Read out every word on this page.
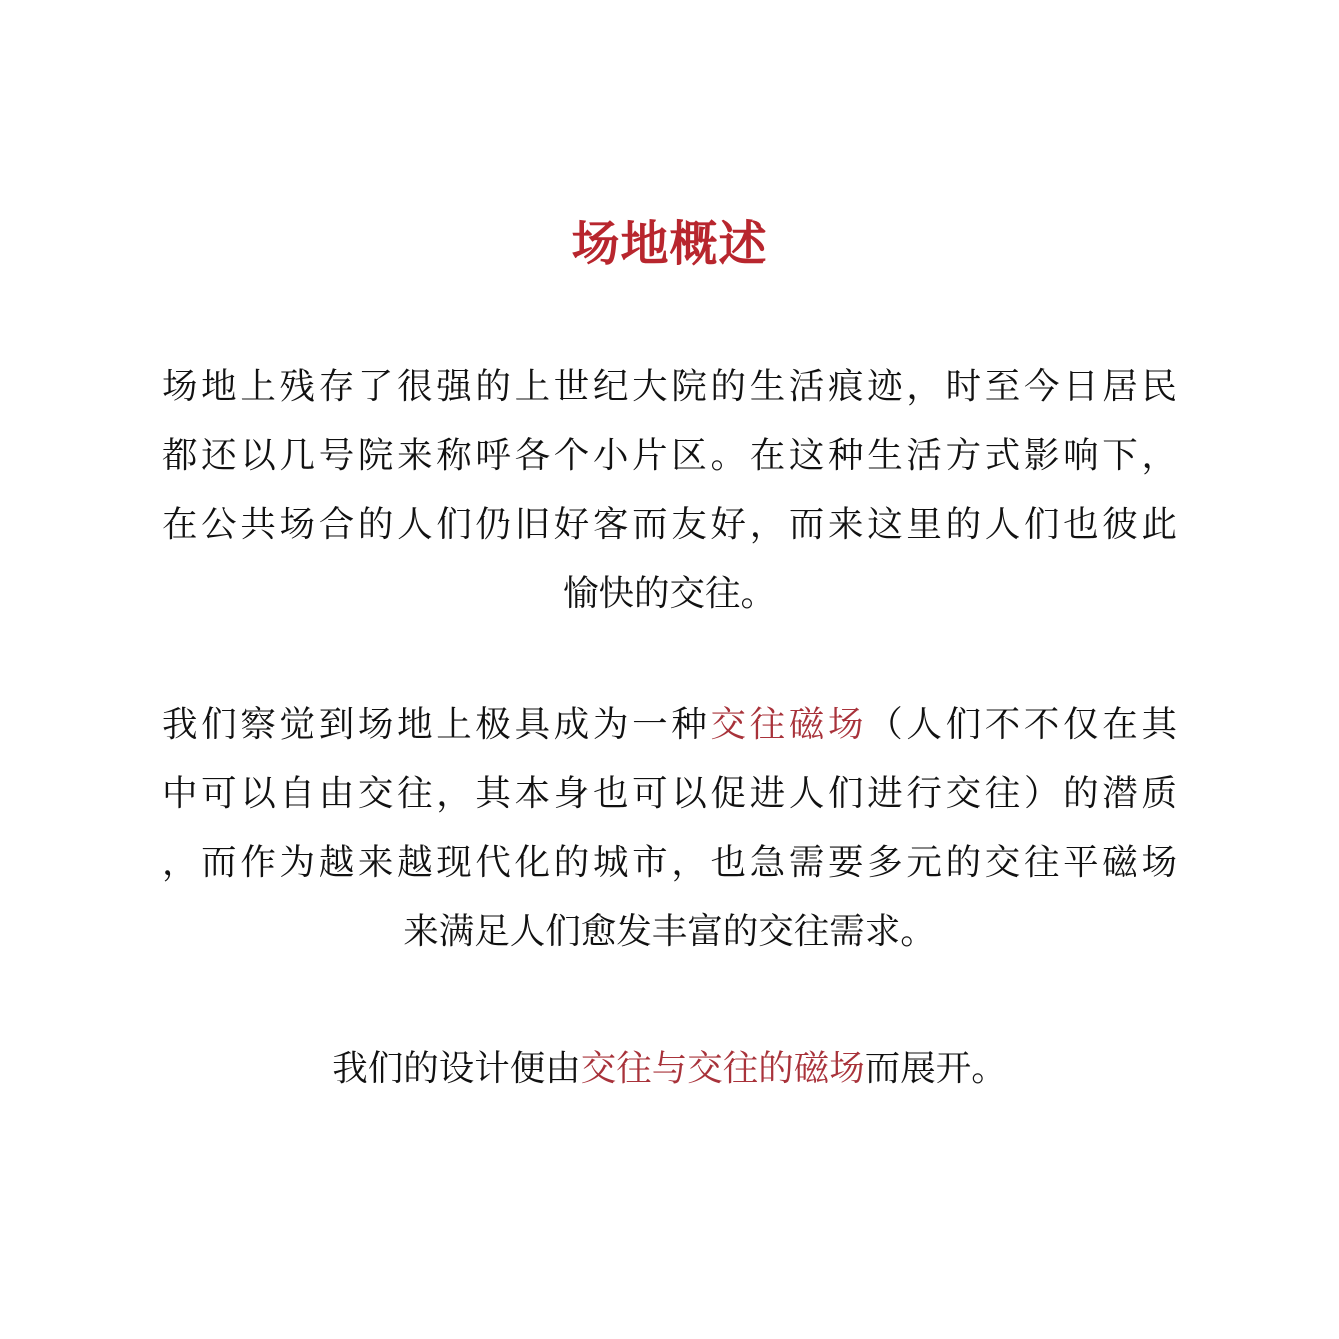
场地概述
场地上残存了很强的上世纪大院的生活痕迹，时至今日居民
都还以几号院来称呼各个小片区。在这种生活方式影响下，
在公共场合的人们仍旧好客而友好，而来这里的人们也彼此
愉快的交往。
我们察觉到场地上极具成为一种交往磁场（人们不不仅在其
中可以自由交往，其本身也可以促进人们进行交往）的潜质
，而作为越来越现代化的城市，也急需要多元的交往平磁场
来满足人们愈发丰富的交往需求。
我们的设计便由交往与交往的磁场而展开。
